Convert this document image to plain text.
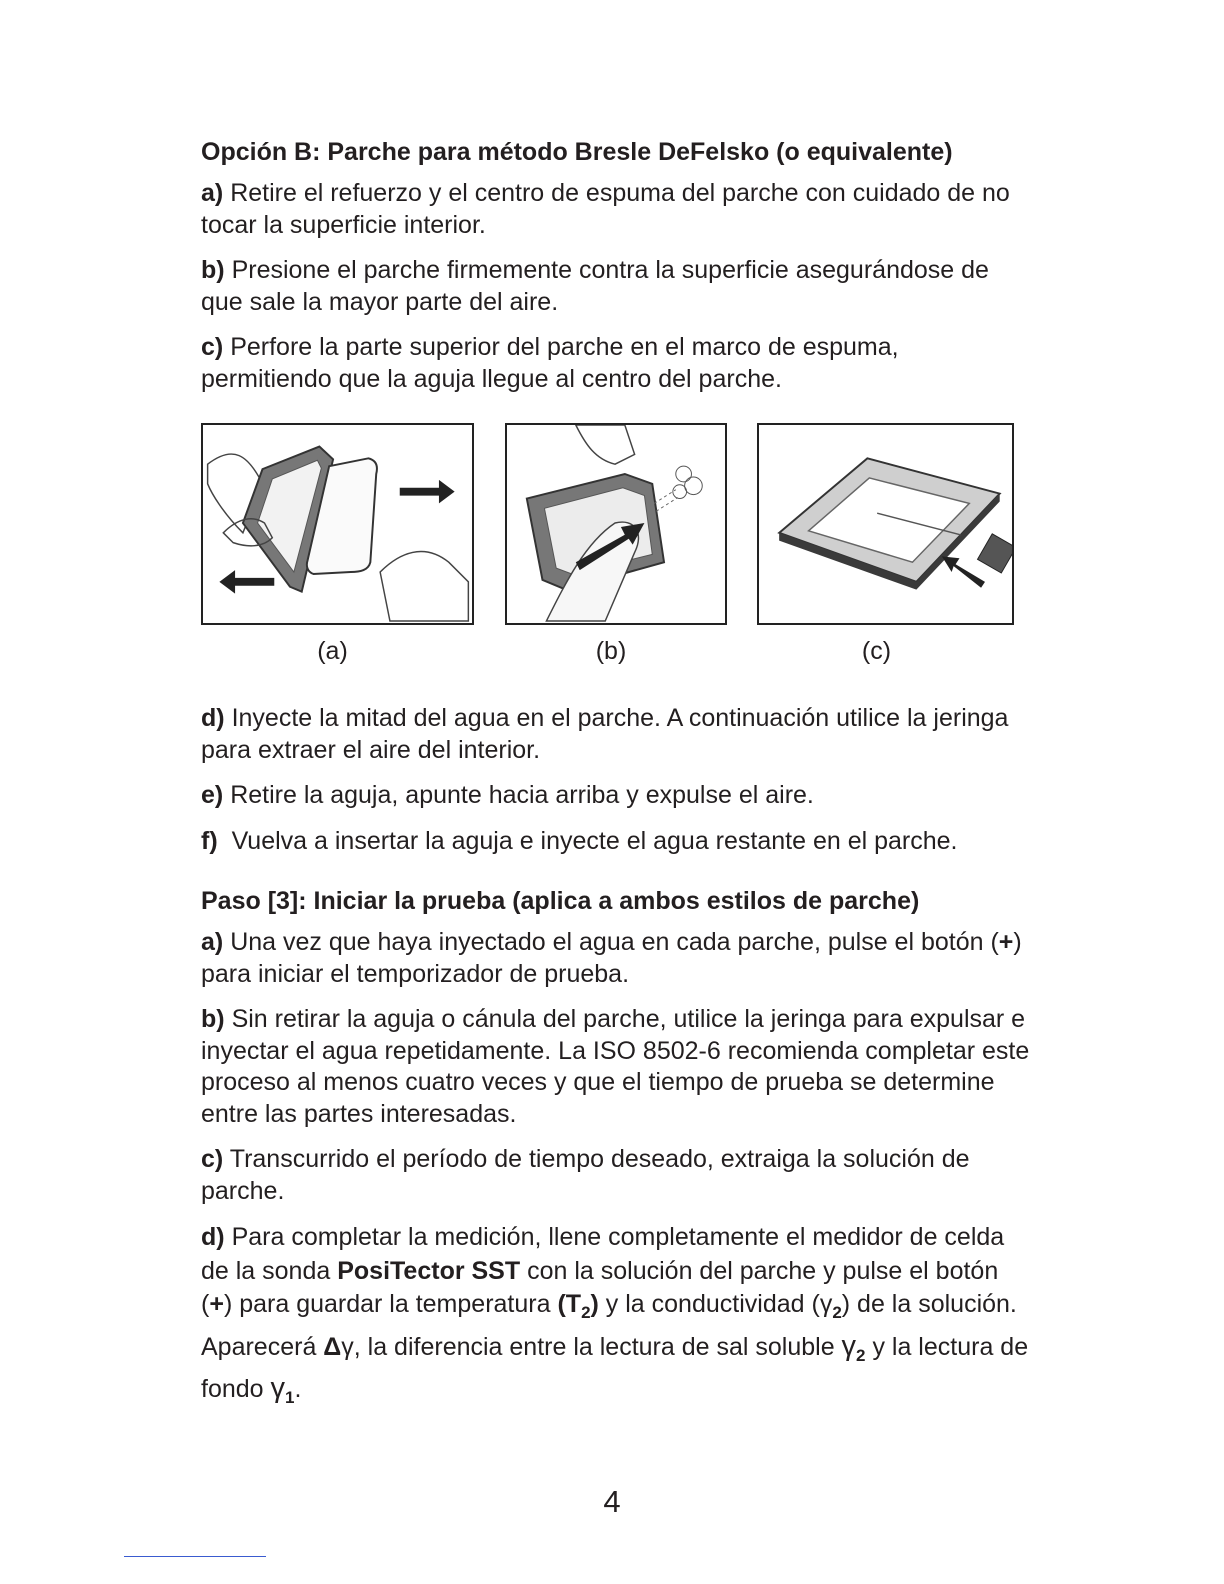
Opción B: Parche para método Bresle DeFelsko (o equivalente)

a) Retire el refuerzo y el centro de espuma del parche con cuidado de no tocar la superficie interior.

b) Presione el parche firmemente contra la superficie asegurándose de que sale la mayor parte del aire.

c) Perfore la parte superior del parche en el marco de espuma, permitiendo que la aguja llegue al centro del parche.

(a)	(b)	(c)

d) Inyecte la mitad del agua en el parche. A continuación utilice la jeringa para extraer el aire del interior.

e) Retire la aguja, apunte hacia arriba y expulse el aire.

f) Vuelva a insertar la aguja e inyecte el agua restante en el parche.

Paso [3]: Iniciar la prueba (aplica a ambos estilos de parche)

a) Una vez que haya inyectado el agua en cada parche, pulse el botón (+) para iniciar el temporizador de prueba.

b) Sin retirar la aguja o cánula del parche, utilice la jeringa para expulsar e inyectar el agua repetidamente. La ISO 8502-6 recomienda completar este proceso al menos cuatro veces y que el tiempo de prueba se determine entre las partes interesadas.

c) Transcurrido el período de tiempo deseado, extraiga la solución de parche.

d) Para completar la medición, llene completamente el medidor de celda de la sonda PosiTector SST con la solución del parche y pulse el botón (+) para guardar la temperatura $(T_2)$ y la conductividad $(\gamma_2)$ de la solución. Aparecerá Δγ, la diferencia entre la lectura de sal soluble $\gamma_2$ y la lectura de fondo $\gamma_1$.

4
